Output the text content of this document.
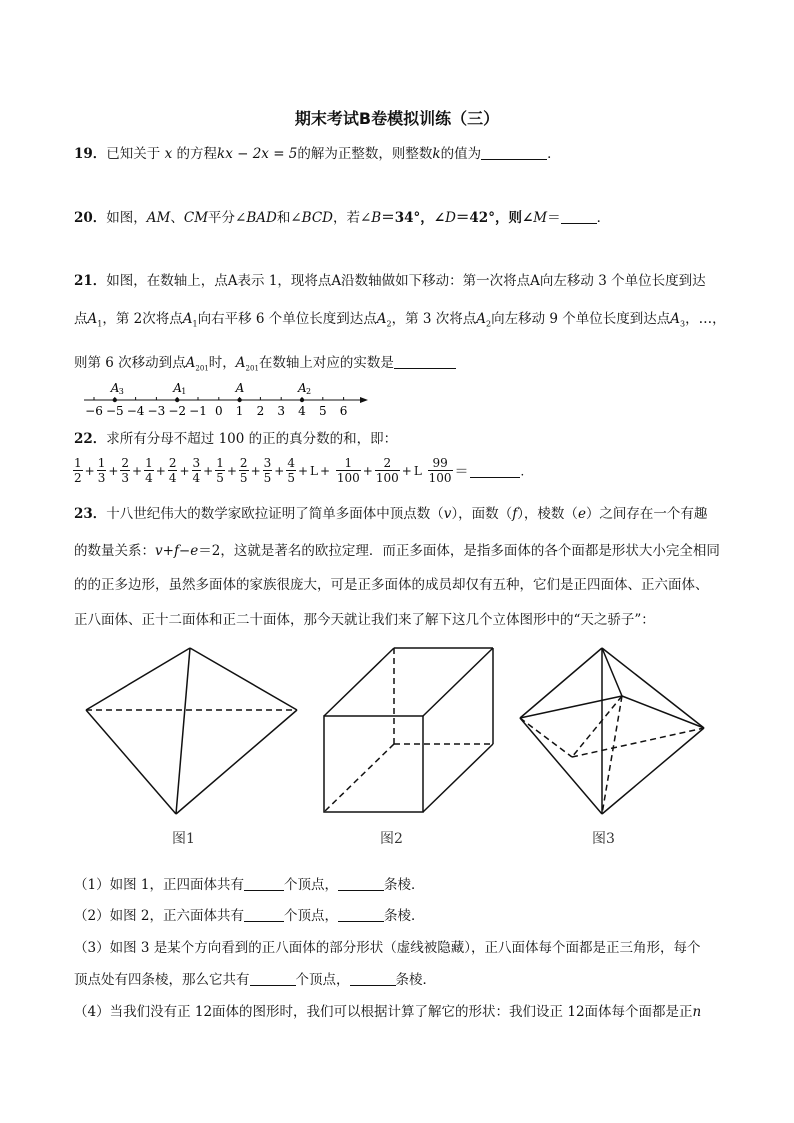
期末考试B卷模拟训练（三）
19．已知关于 x 的方程kx − 2x = 5的解为正整数，则整数k的值为	．
20．如图，AM、CM平分∠BAD和∠BCD，若∠B＝34°，∠D＝42°，则∠M＝	．
21．如图，在数轴上，点A表示 1，现将点A沿数轴做如下移动：第一次将点A向左移动 3 个单位长度到达
点$A_1$，第 2次将点$A_1$向右平移 6 个单位长度到达点$A_2$，第 3 次将点$A_2$向左移动 9 个单位长度到达点$A_3$，…，
则第 6 次移动到点$A_{201}$时，$A_{201}$在数轴上对应的实数是
−6 −5 −4 −3 −2 −1 0 1 2 3 4 5 6
A 3	A 1	A	A 2
22．求所有分母不超过 100 的正的真分数的和，即：
$\frac{1}{2} + \frac{1}{3} + \frac{2}{3} + \frac{1}{4} + \frac{2}{4} + \frac{3}{4} + \frac{1}{5} + \frac{2}{5} + \frac{3}{5} + \frac{4}{5} + L + \frac{1}{100} + \frac{2}{100} + L \frac{99}{100}$ ＝	．
23．十八世纪伟大的数学家欧拉证明了简单多面体中顶点数（v），面数（f），棱数（e）之间存在一个有趣
的数量关系：v+f−e＝2，这就是著名的欧拉定理．而正多面体，是指多面体的各个面都是形状大小完全相同
的的正多边形，虽然多面体的家族很庞大，可是正多面体的成员却仅有五种，它们是正四面体、正六面体、
正八面体、正十二面体和正二十面体，那今天就让我们来了解下这几个立体图形中的“天之骄子”：
图1	图2	图3
（1）如图 1，正四面体共有	个顶点，	条棱．
（2）如图 2，正六面体共有	个顶点，	条棱．
（3）如图 3 是某个方向看到的正八面体的部分形状（虚线被隐藏），正八面体每个面都是正三角形，每个
顶点处有四条棱，那么它共有	个顶点，	条棱．
（4）当我们没有正 12面体的图形时，我们可以根据计算了解它的形状：我们设正 12面体每个面都是正n
